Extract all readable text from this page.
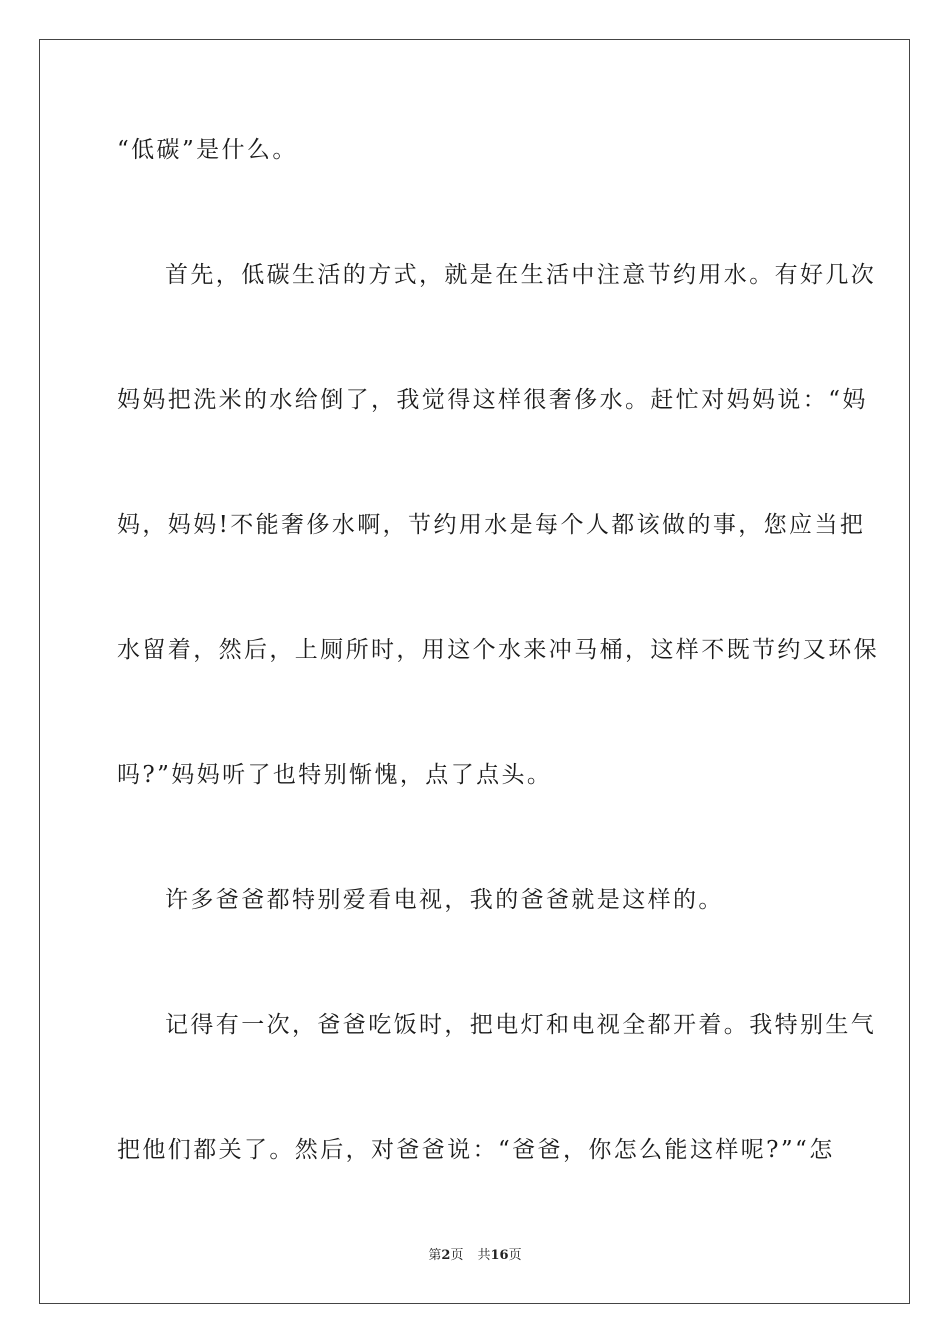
“低碳”是什么。
首先，低碳生活的方式，就是在生活中注意节约用水。有好几次
妈妈把洗米的水给倒了，我觉得这样很奢侈水。赶忙对妈妈说：“妈
妈，妈妈!不能奢侈水啊，节约用水是每个人都该做的事，您应当把
水留着，然后，上厕所时，用这个水来冲马桶，这样不既节约又环保
吗?”妈妈听了也特别惭愧，点了点头。
许多爸爸都特别爱看电视，我的爸爸就是这样的。
记得有一次，爸爸吃饭时，把电灯和电视全都开着。我特别生气
把他们都关了。然后，对爸爸说：“爸爸，你怎么能这样呢?”“怎
第2页 共16页
